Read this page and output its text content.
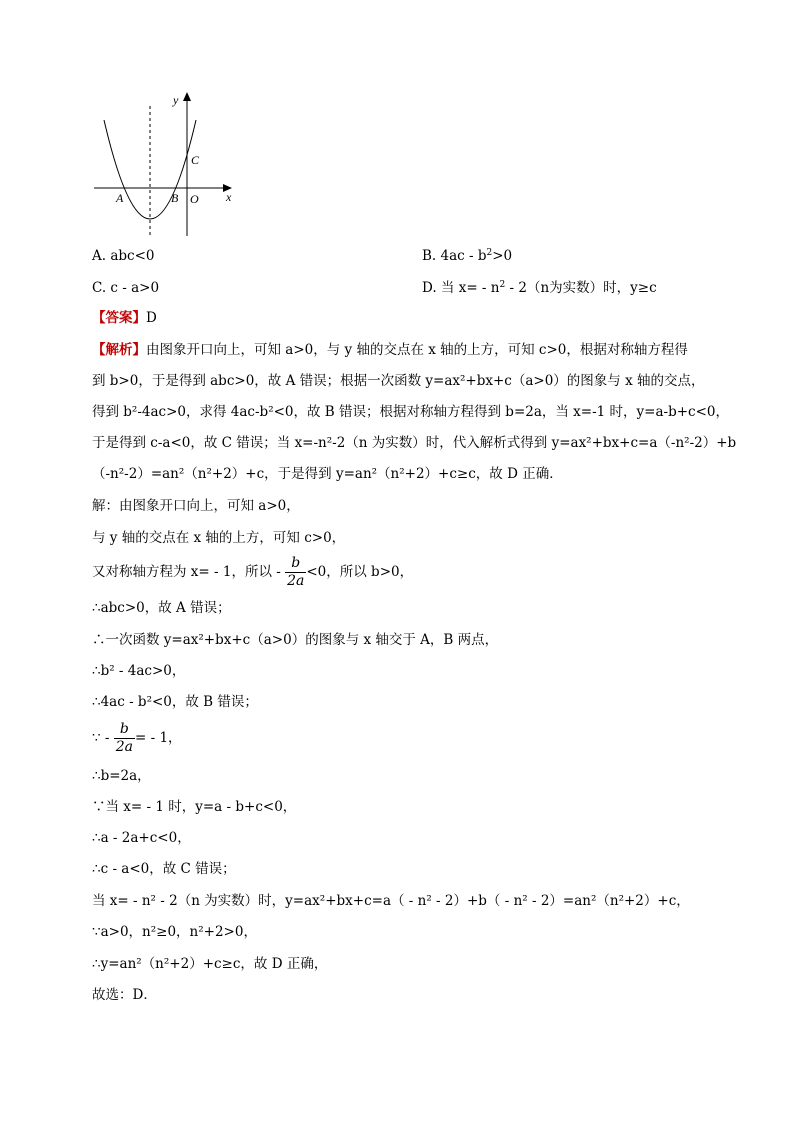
y
x
C
A	B O
A. abc<0	B. $4ac - b^2>0$
C. c - a>0	D. 当 $x= - n^2 - 2(n$为实数）时，y≥c
【答案】D
【解析】由图象开口向上，可知 a>0，与 y 轴的交点在 x 轴的上方，可知 c>0，根据对称轴方程得
到 b>0，于是得到 abc>0，故 A 错误；根据一次函数 y=ax²+bx+c（a>0）的图象与 x 轴的交点，
得到 b²-4ac>0，求得 4ac-b²<0，故 B 错误；根据对称轴方程得到 b=2a，当 x=-1 时，y=a-b+c<0，
于是得到 c-a<0，故 C 错误；当 x=-n²-2（n 为实数）时，代入解析式得到 y=ax²+bx+c=a（-n²-2）+b
（-n²-2）=an²（n²+2）+c，于是得到 y=an²（n²+2）+c≥c，故 D 正确．
解：由图象开口向上，可知 a>0，
与 y 轴的交点在 x 轴的上方，可知 c>0，
又对称轴方程为 x= - 1，所以 - $\frac{b}{2a} <0$，所以 b>0，
∴abc>0，故 A 错误；
∴一次函数 y=ax²+bx+c（a>0）的图象与 x 轴交于 A，B 两点，
∴b² - 4ac>0，
∴4ac - b²<0，故 B 错误；
∵ - $\frac{b}{2a}$ = - 1，
∴b=2a，
∵当 x= - 1 时，y=a - b+c<0，
∴a - 2a+c<0，
∴c - a<0，故 C 错误；
当 x= - n² - 2（n 为实数）时，y=ax²+bx+c=a（ - n² - 2）+b（ - n² - 2）=an²（n²+2）+c，
∵a>0，n²≥0，n²+2>0，
∴y=an²（n²+2）+c≥c，故 D 正确，
故选：D．
